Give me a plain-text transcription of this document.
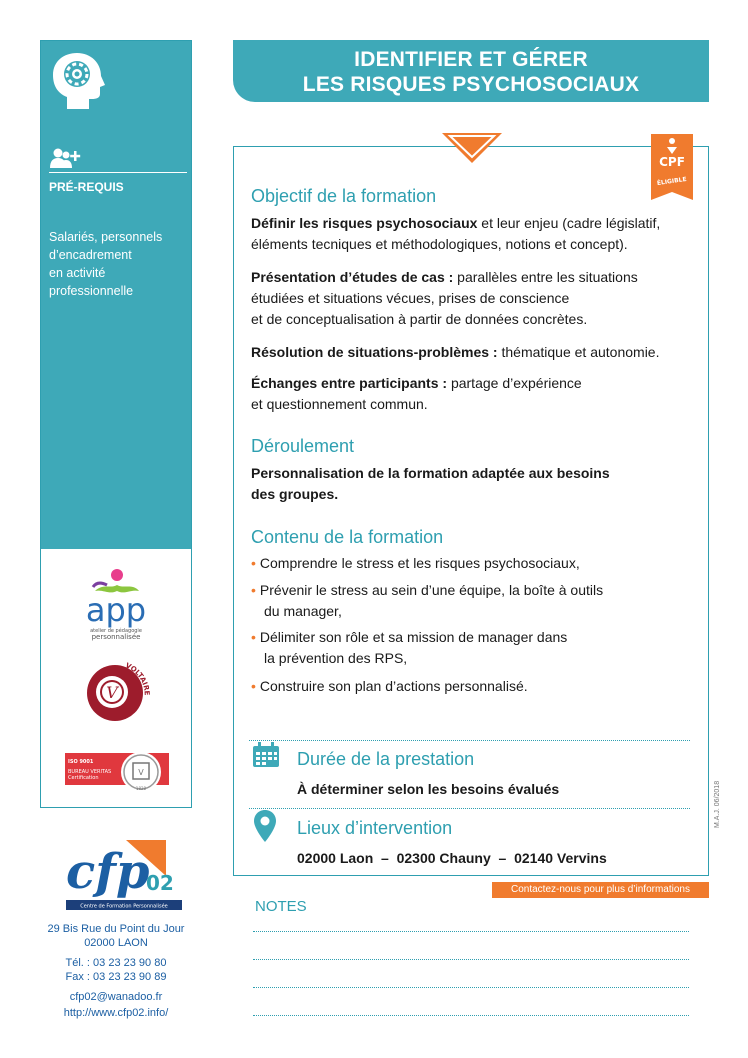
PRÉ-REQUIS
Salariés, personnels
d’encadrement
en activité
professionnelle
app
atelier de pédagogie
personnalisée
V
VOLTAIRE
ISO 9001
BUREAU VERITAS
Certification
V
1828
IDENTIFIER ET GÉRER
LES RISQUES PSYCHOSOCIAUX
CPF
ÉLIGIBLE
Objectif de la formation
Définir les risques psychosociaux et leur enjeu (cadre législatif,
éléments tecniques et méthodologiques, notions et concept).
Présentation d’études de cas : parallèles entre les situations
étudiées et situations vécues, prises de conscience
et de conceptualisation à partir de données concrètes.
Résolution de situations-problèmes : thématique et autonomie.
Échanges entre participants : partage d’expérience
et questionnement commun.
Déroulement
Personnalisation de la formation adaptée aux besoins
des groupes.
Contenu de la formation
• Comprendre le stress et les risques psychosociaux,
• Prévenir le stress au sein d’une équipe, la boîte à outils
du manager,
• Délimiter son rôle et sa mission de manager dans
la prévention des RPS,
• Construire son plan d’actions personnalisé.
Durée de la prestation
À déterminer selon les besoins évalués
Lieux d’intervention
02000 Laon  –  02300 Chauny  –  02140 Vervins
Contactez-nous pour plus d’informations
M.A.J. 06/2018
NOTES
cfp
02
Centre de Formation Personnalisée
29 Bis Rue du Point du Jour
02000 LAON
Tél. : 03 23 23 90 80
Fax : 03 23 23 90 89
cfp02@wanadoo.fr
http://www.cfp02.info/
